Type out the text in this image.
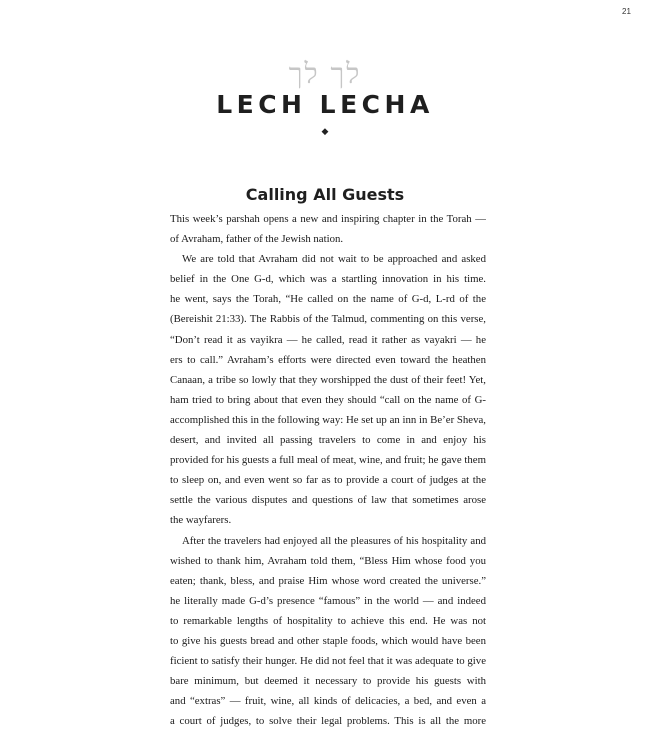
21
לך לך
LECH LECHA
◆
Calling All Guests
This week’s parshah opens a new and inspiring chapter in the Torah —
of Avraham, father of the Jewish nation.
We are told that Avraham did not wait to be approached and asked
belief in the One G-d, which was a startling innovation in his time.
he went, says the Torah, “He called on the name of G-d, L-rd of the
(Bereishit 21:33). The Rabbis of the Talmud, commenting on this verse,
“Don’t read it as vayikra — he called, read it rather as vayakri — he
ers to call.” Avraham’s efforts were directed even toward the heathen
Canaan, a tribe so lowly that they worshipped the dust of their feet! Yet,
ham tried to bring about that even they should “call on the name of G-
accomplished this in the following way: He set up an inn in Be’er Sheva,
desert, and invited all passing travelers to come in and enjoy his
provided for his guests a full meal of meat, wine, and fruit; he gave them
to sleep on, and even went so far as to provide a court of judges at the
settle the various disputes and questions of law that sometimes arose
the wayfarers.
After the travelers had enjoyed all the pleasures of his hospitality and
wished to thank him, Avraham told them, “Bless Him whose food you
eaten; thank, bless, and praise Him whose word created the universe.”
he literally made G-d’s presence “famous” in the world — and indeed
to remarkable lengths of hospitality to achieve this end. He was not
to give his guests bread and other staple foods, which would have been
ficient to satisfy their hunger. He did not feel that it was adequate to give
bare minimum, but deemed it necessary to provide his guests with
and “extras” — fruit, wine, all kinds of delicacies, a bed, and even a
a court of judges, to solve their legal problems. This is all the more
